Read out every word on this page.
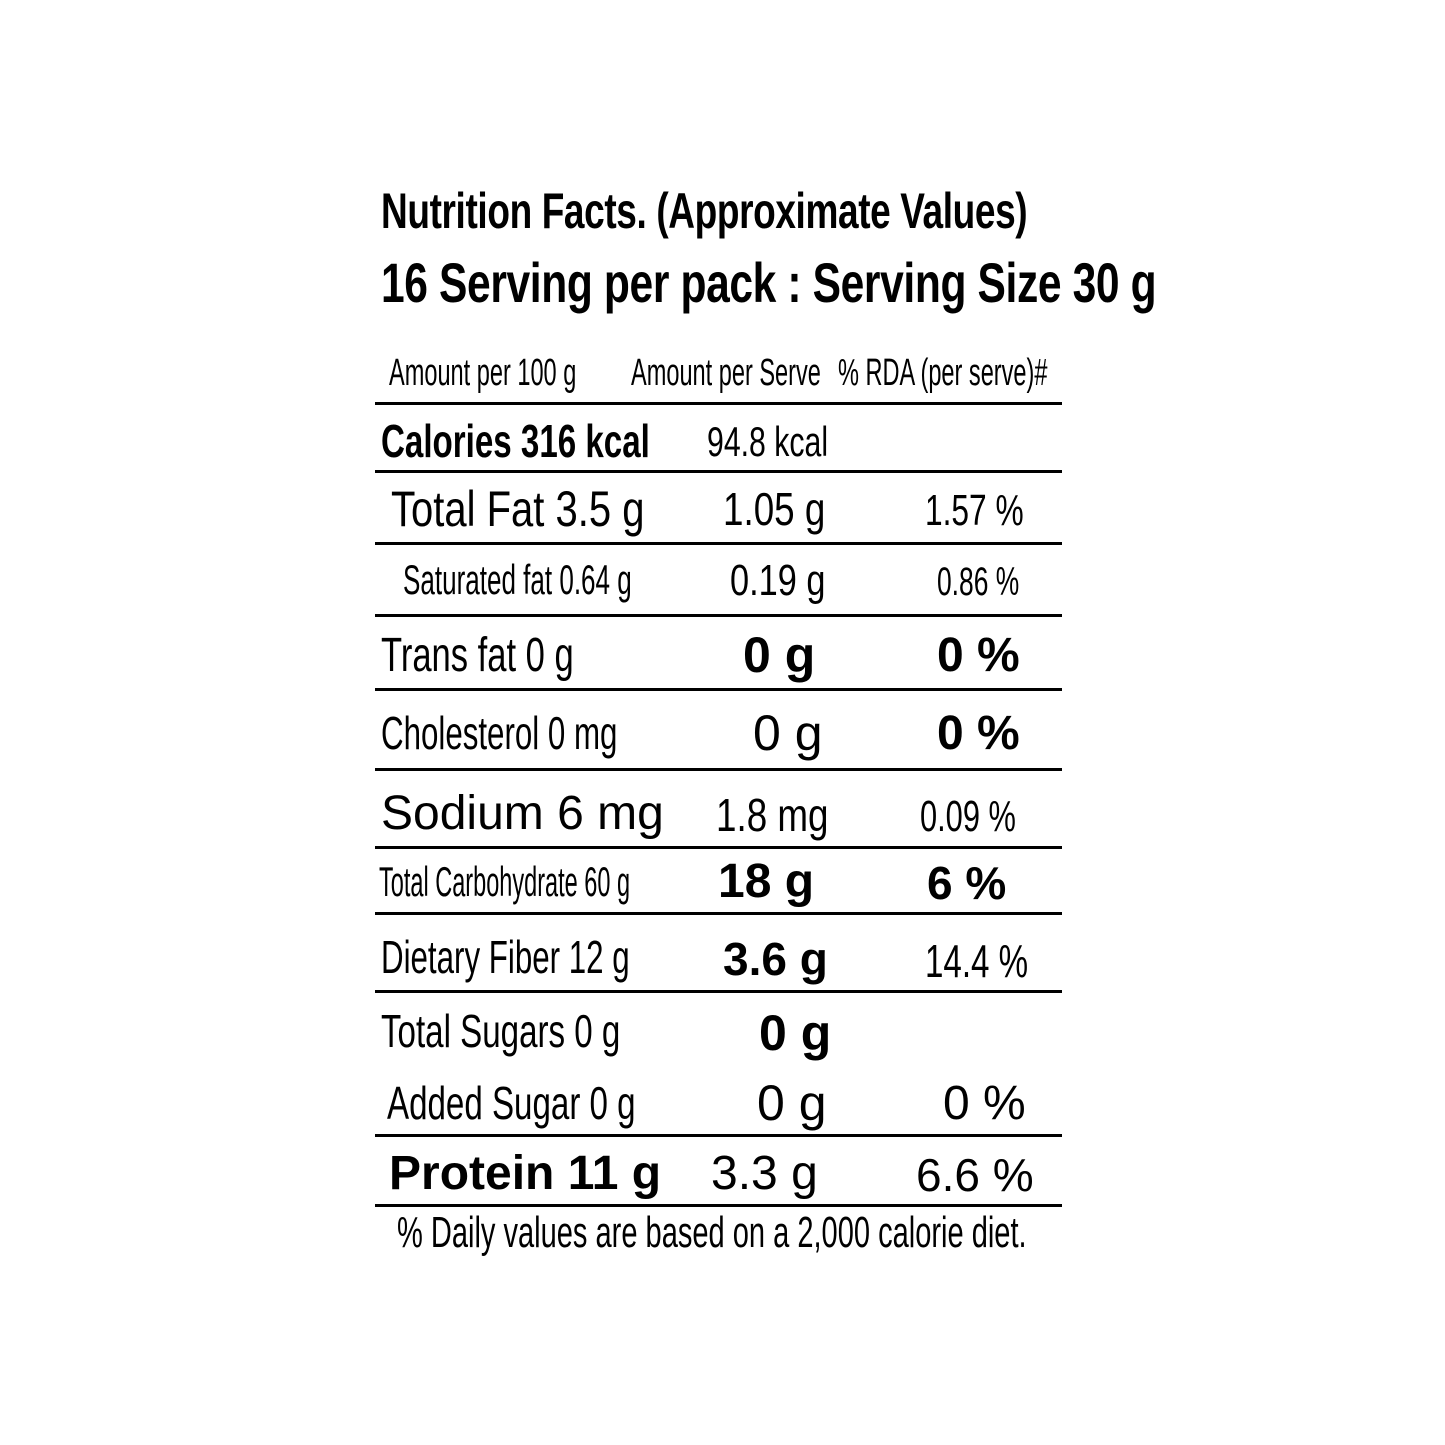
Nutrition Facts. (Approximate Values)
16 Serving per pack : Serving Size 30 g
Amount per 100 g Amount per Serve % RDA (per serve)#
Calories 316 kcal 94.8 kcal
Total Fat 3.5 g 1.05 g 1.57 %
Saturated fat 0.64 g 0.19 g	0.86 %
Trans fat 0 g	0 g	0 %
Cholesterol 0 mg	0 g 0 %
Sodium 6 mg 1.8 mg 0.09 %
Total Carbohydrate 60 g 18 g 6 %
Dietary Fiber 12 g 3.6 g 14.4 %
Total Sugars 0 g	0 g
Added Sugar 0 g 0 g 0 %
Protein 11 g 3.3 g 6.6 %
% Daily values are based on a 2,000 calorie diet.
